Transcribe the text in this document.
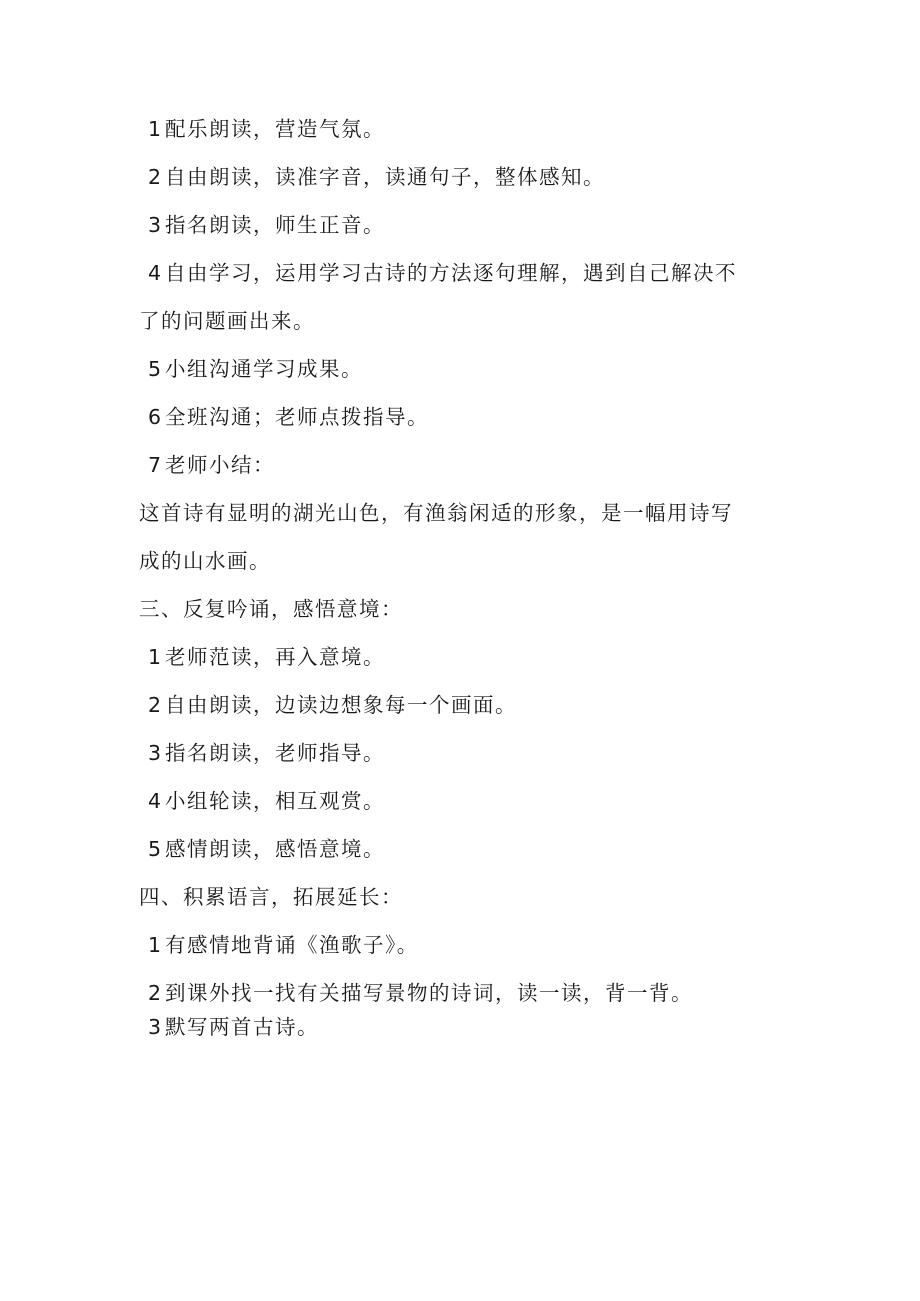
1 配乐朗读，营造气氛。
2 自由朗读，读准字音，读通句子，整体感知。
3 指名朗读，师生正音。
4 自由学习，运用学习古诗的方法逐句理解，遇到自己解决不
了的问题画出来。
5 小组沟通学习成果。
6 全班沟通；老师点拨指导。
7 老师小结：
这首诗有显明的湖光山色，有渔翁闲适的形象，是一幅用诗写
成的山水画。
三、反复吟诵，感悟意境：
1 老师范读，再入意境。
2 自由朗读，边读边想象每一个画面。
3 指名朗读，老师指导。
4 小组轮读，相互观赏。
5 感情朗读，感悟意境。
四、积累语言，拓展延长：
1 有感情地背诵《渔歌子》。
2 到课外找一找有关描写景物的诗词，读一读，背一背。
3 默写两首古诗。
